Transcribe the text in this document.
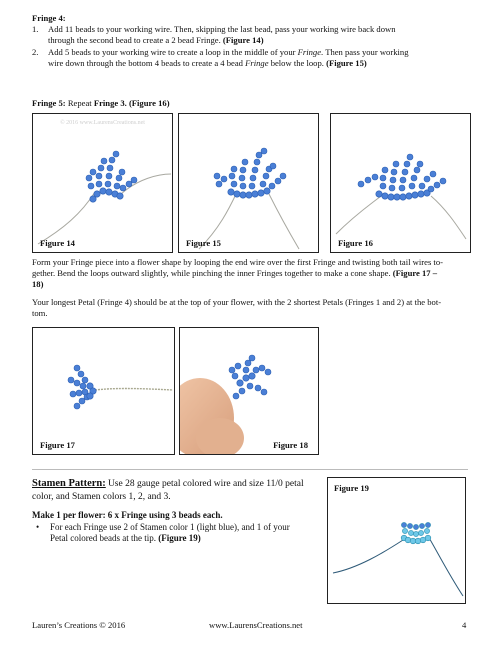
Fringe 4:
1. Add 11 beads to your working wire. Then, skipping the last bead, pass your working wire back down
through the second bead to create a 2 bead Fringe. (Figure 14)
2. Add 5 beads to your working wire to create a loop in the middle of your Fringe. Then pass your working
wire down through the bottom 4 beads to create a 4 bead Fringe below the loop. (Figure 15)
Fringe 5: Repeat Fringe 3. (Figure 16)
© 2016 www.LaurensCreations.net
Figure 14	Figure 15	Figure 16
Form your Fringe piece into a flower shape by looping the end wire over the first Fringe and twisting both tail wires to-
gether. Bend the loops outward slightly, while pinching the inner Fringes together to make a cone shape. (Figure 17 –
18)
Your longest Petal (Fringe 4) should be at the top of your flower, with the 2 shortest Petals (Fringes 1 and 2) at the bot-
tom.
Figure 17	Figure 18
Stamen Pattern: Use 28 gauge petal colored wire and size 11/0 petal
color, and Stamen colors 1, 2, and 3.
Make 1 per flower: 6 x Fringe using 3 beads each.
• For each Fringe use 2 of Stamen color 1 (light blue), and 1 of your
Petal colored beads at the tip. (Figure 19)
Figure 19
Lauren’s Creations © 2016	www.LaurensCreations.net	4
